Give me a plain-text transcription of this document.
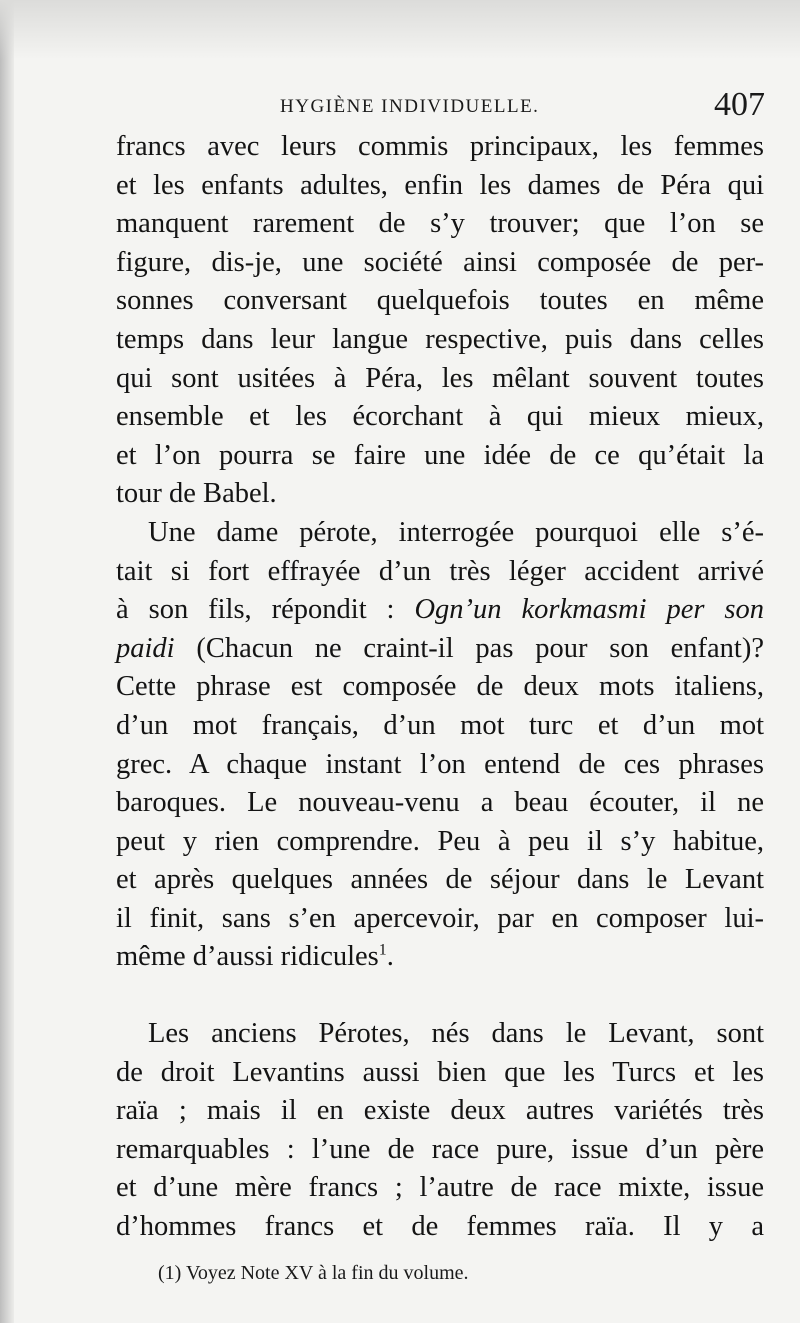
HYGIÈNE INDIVIDUELLE.	407
francs avec leurs commis principaux, les femmes
et les enfants adultes, enfin les dames de Péra qui
manquent rarement de s’y trouver; que l’on se
figure, dis-je, une société ainsi composée de per-
sonnes conversant quelquefois toutes en même
temps dans leur langue respective, puis dans celles
qui sont usitées à Péra, les mêlant souvent toutes
ensemble et les écorchant à qui mieux mieux,
et l’on pourra se faire une idée de ce qu’était la
tour de Babel.
Une dame pérote, interrogée pourquoi elle s’é-
tait si fort effrayée d’un très léger accident arrivé
à son fils, répondit : Ogn’un korkmasmi per son
paidi (Chacun ne craint-il pas pour son enfant)?
Cette phrase est composée de deux mots italiens,
d’un mot français, d’un mot turc et d’un mot
grec. A chaque instant l’on entend de ces phrases
baroques. Le nouveau-venu a beau écouter, il ne
peut y rien comprendre. Peu à peu il s’y habitue,
et après quelques années de séjour dans le Levant
il finit, sans s’en apercevoir, par en composer lui-
même d’aussi ridicules$^1$.
Les anciens Pérotes, nés dans le Levant, sont
de droit Levantins aussi bien que les Turcs et les
raïa ; mais il en existe deux autres variétés très
remarquables : l’une de race pure, issue d’un père
et d’une mère francs ; l’autre de race mixte, issue
d’hommes francs et de femmes raïa. Il y a
(1) Voyez Note XV à la fin du volume.
